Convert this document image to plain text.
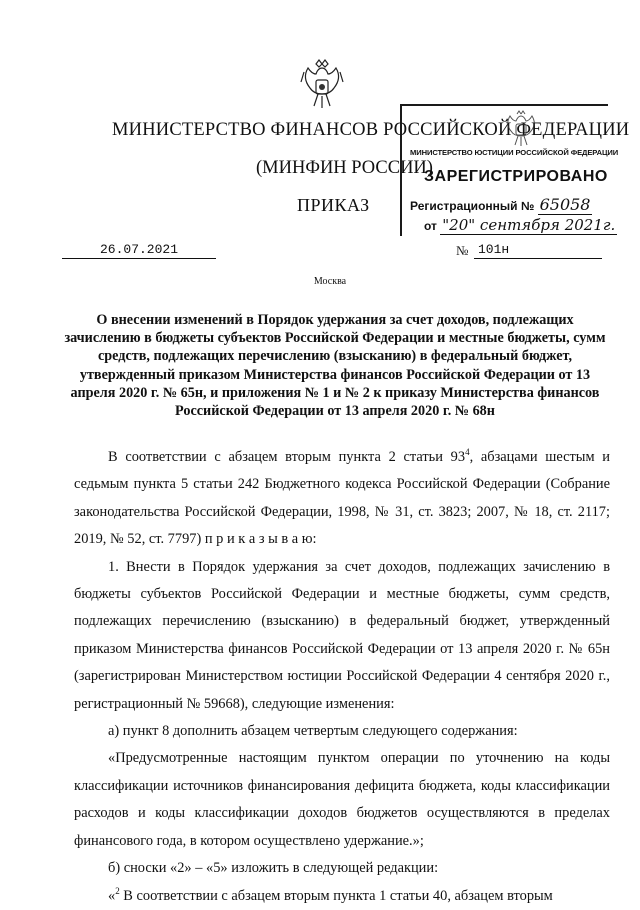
МИНИСТЕРСТВО ФИНАНСОВ РОССИЙСКОЙ ФЕДЕРАЦИИ
(МИНФИН РОССИИ)
ПРИКАЗ
МИНИСТЕРСТВО ЮСТИЦИИ РОССИЙСКОЙ ФЕДЕРАЦИИ
ЗАРЕГИСТРИРОВАНО
Регистрационный № 65058
от "20" сентября 2021г.
26.07.2021	№ 101н
Москва
О внесении изменений в Порядок удержания за счет доходов, подлежащих зачислению в бюджеты субъектов Российской Федерации и местные бюджеты, сумм средств, подлежащих перечислению (взысканию) в федеральный бюджет, утвержденный приказом Министерства финансов Российской Федерации от 13 апреля 2020 г. № 65н, и приложения № 1 и № 2 к приказу Министерства финансов Российской Федерации от 13 апреля 2020 г. № 68н

В соответствии с абзацем вторым пункта 2 статьи $93^4$, абзацами шестым и седьмым пункта 5 статьи 242 Бюджетного кодекса Российской Федерации (Собрание законодательства Российской Федерации, 1998, № 31, ст. 3823; 2007, № 18, ст. 2117; 2019, № 52, ст. 7797) п р и к а з ы в а ю:

1. Внести в Порядок удержания за счет доходов, подлежащих зачислению в бюджеты субъектов Российской Федерации и местные бюджеты, сумм средств, подлежащих перечислению (взысканию) в федеральный бюджет, утвержденный приказом Министерства финансов Российской Федерации от 13 апреля 2020 г. № 65н (зарегистрирован Министерством юстиции Российской Федерации 4 сентября 2020 г., регистрационный № 59668), следующие изменения:

а) пункт 8 дополнить абзацем четвертым следующего содержания:

«Предусмотренные настоящим пунктом операции по уточнению на коды классификации источников финансирования дефицита бюджета, коды классификации расходов и коды классификации доходов бюджетов осуществляются в пределах финансового года, в котором осуществлено удержание.»;

б) сноски «2» – «5» изложить в следующей редакции:

«$^2$ В соответствии с абзацем вторым пункта 1 статьи 40, абзацем вторым
